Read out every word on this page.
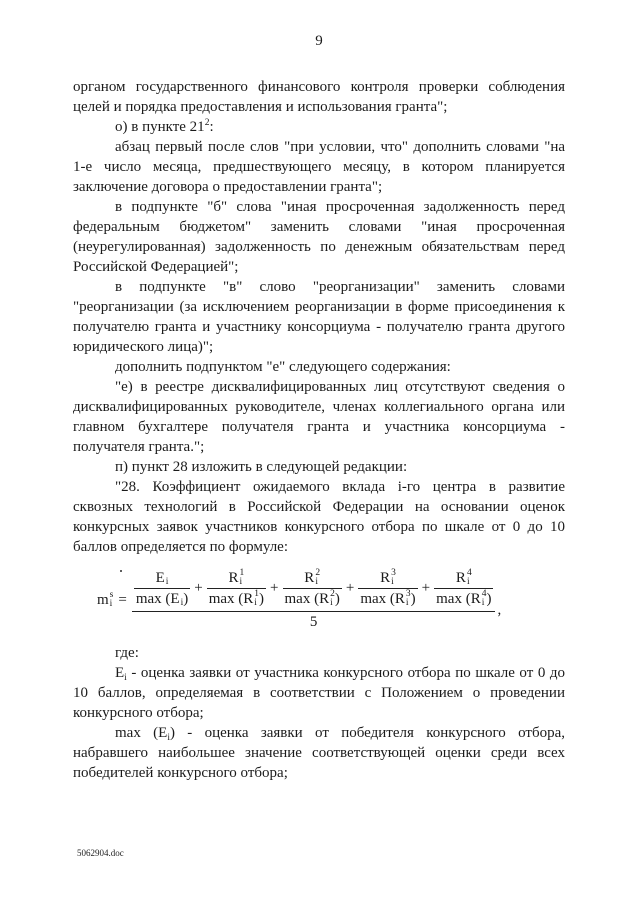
9

органом государственного финансового контроля проверки соблюдения целей и порядка предоставления и использования гранта";

о) в пункте $21^2$:

абзац первый после слов "при условии, что" дополнить словами "на 1-е число месяца, предшествующего месяцу, в котором планируется заключение договора о предоставлении гранта";

в подпункте "б" слова "иная просроченная задолженность перед федеральным бюджетом" заменить словами "иная просроченная (неурегулированная) задолженность по денежным обязательствам перед Российской Федерацией";

в подпункте "в" слово "реорганизации" заменить словами "реорганизации (за исключением реорганизации в форме присоединения к получателю гранта и участнику консорциума - получателю гранта другого юридического лица)";

дополнить подпунктом "е" следующего содержания:

"е) в реестре дисквалифицированных лиц отсутствуют сведения о дисквалифицированных руководителе, членах коллегиального органа или главном бухгалтере получателя гранта и участника консорциума - получателя гранта.";

п) пункт 28 изложить в следующей редакции:

"28. Коэффициент ожидаемого вклада i-го центра в развитие сквозных технологий в Российской Федерации на основании оценок конкурсных заявок участников конкурсного отбора по шкале от 0 до 10 баллов определяется по формуле:

m s
i =
E i
max ( E i )
+
R 1
i
max ( R 1
i )
+
R 2
i
max ( R 2
i )
+
R 3
i
max ( R 3
i )
+
R 4
i
max ( R 4
i )
5
,

где:

$E_i$ - оценка заявки от участника конкурсного отбора по шкале от 0 до 10 баллов, определяемая в соответствии с Положением о проведении конкурсного отбора;

$\max (E_i)$ - оценка заявки от победителя конкурсного отбора, набравшего наибольшее значение соответствующей оценки среди всех победителей конкурсного отбора;

5062904.doc
